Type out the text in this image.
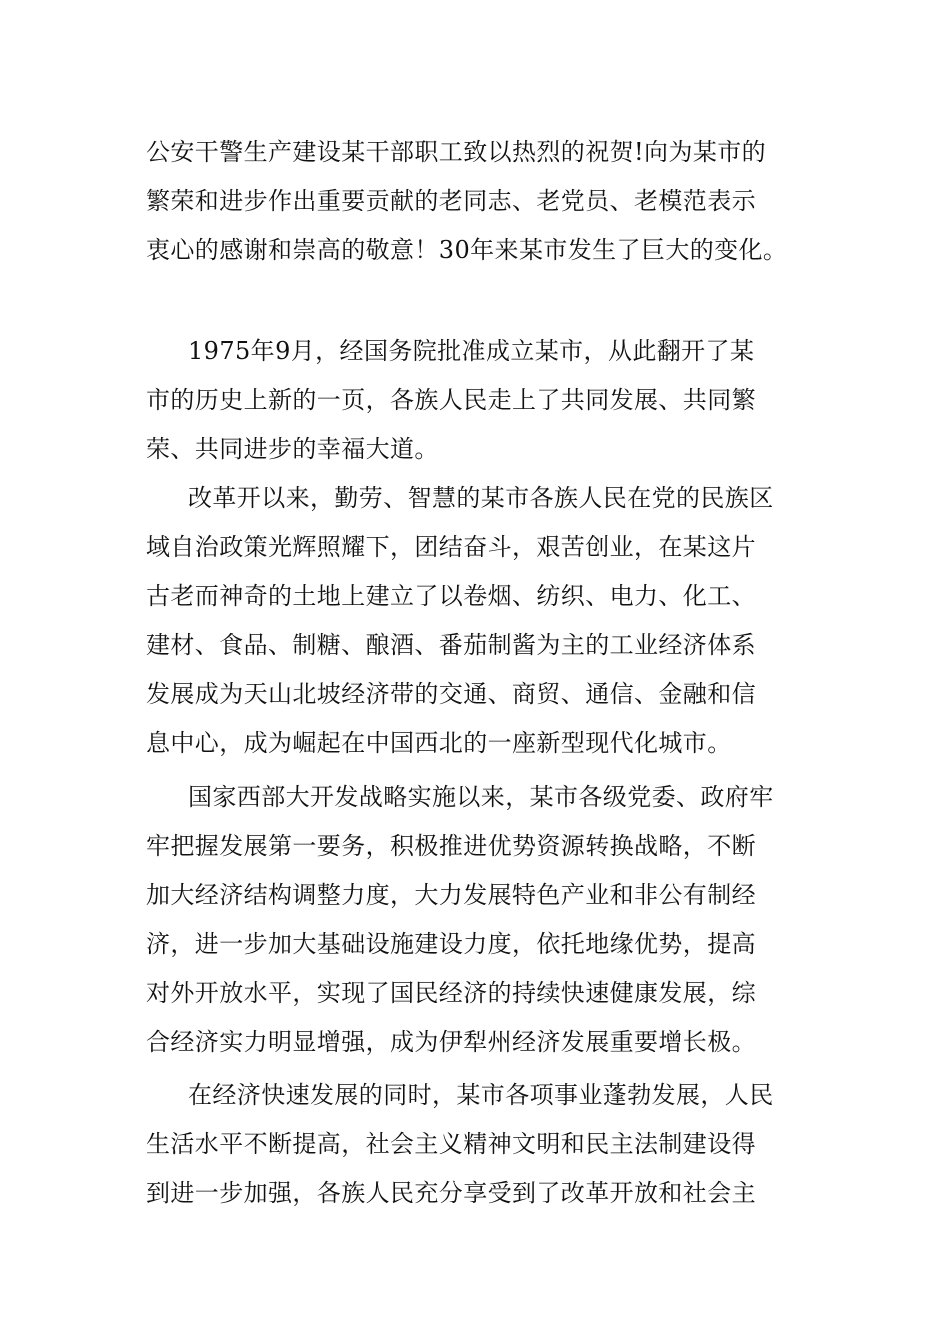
公安干警生产建设某干部职工致以热烈的祝贺!向为某市的
繁荣和进步作出重要贡献的老同志、老党员、老模范表示
衷心的感谢和崇高的敬意！30年来某市发生了巨大的变化。
1975年9月，经国务院批准成立某市，从此翻开了某
市的历史上新的一页，各族人民走上了共同发展、共同繁
荣、共同进步的幸福大道。
改革开以来，勤劳、智慧的某市各族人民在党的民族区
域自治政策光辉照耀下，团结奋斗，艰苦创业，在某这片
古老而神奇的土地上建立了以卷烟、纺织、电力、化工、
建材、食品、制糖、酿酒、番茄制酱为主的工业经济体系
发展成为天山北坡经济带的交通、商贸、通信、金融和信
息中心，成为崛起在中国西北的一座新型现代化城市。
国家西部大开发战略实施以来，某市各级党委、政府牢
牢把握发展第一要务，积极推进优势资源转换战略，不断
加大经济结构调整力度，大力发展特色产业和非公有制经
济，进一步加大基础设施建设力度，依托地缘优势，提高
对外开放水平，实现了国民经济的持续快速健康发展，综
合经济实力明显增强，成为伊犁州经济发展重要增长极。
在经济快速发展的同时，某市各项事业蓬勃发展，人民
生活水平不断提高，社会主义精神文明和民主法制建设得
到进一步加强，各族人民充分享受到了改革开放和社会主
